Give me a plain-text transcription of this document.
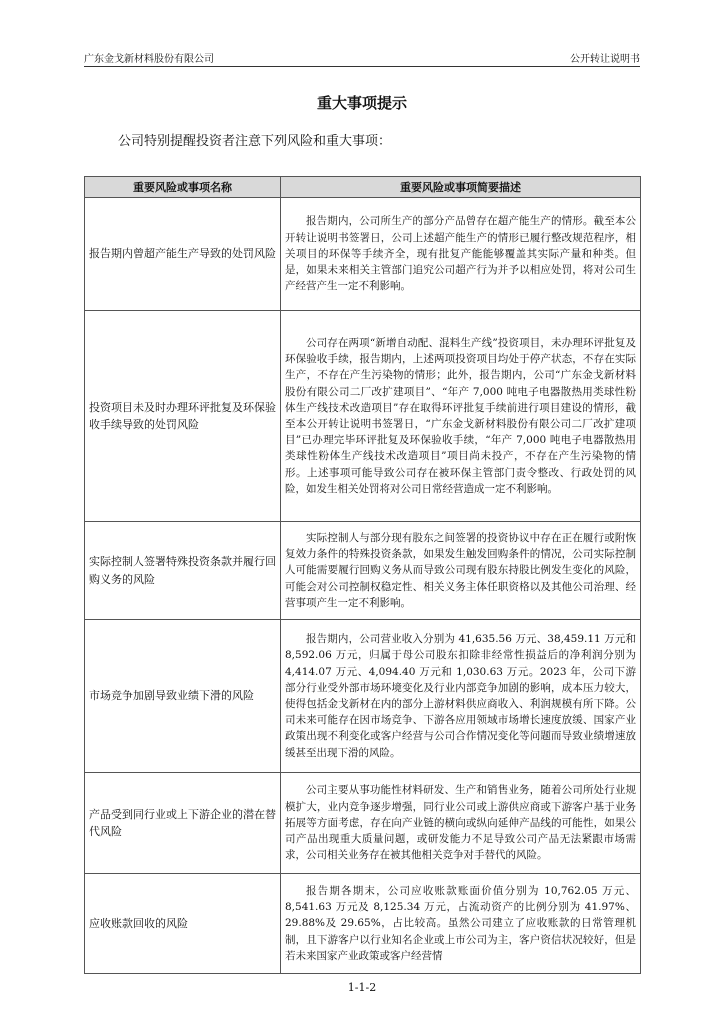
广东金戈新材料股份有限公司	公开转让说明书
重大事项提示
公司特别提醒投资者注意下列风险和重大事项：
重要风险或事项名称	重要风险或事项简要描述
报告期内曾超产能生产导致的处罚风险	报告期内，公司所生产的部分产品曾存在超产能生产的情形。截至本公开转让说明书签署日，公司上述超产能生产的情形已履行整改规范程序，相关项目的环保等手续齐全，现有批复产能能够覆盖其实际产量和种类。但是，如果未来相关主管部门追究公司超产行为并予以相应处罚，将对公司生产经营产生一定不利影响。
投资项目未及时办理环评批复及环保验收手续导致的处罚风险	公司存在两项“新增自动配、混料生产线”投资项目，未办理环评批复及环保验收手续，报告期内，上述两项投资项目均处于停产状态，不存在实际生产，不存在产生污染物的情形；此外，报告期内，公司“广东金戈新材料股份有限公司二厂改扩建项目”、“年产 7,000 吨电子电器散热用类球性粉体生产线技术改造项目”存在取得环评批复手续前进行项目建设的情形，截至本公开转让说明书签署日，“广东金戈新材料股份有限公司二厂改扩建项目”已办理完毕环评批复及环保验收手续，“年产 7,000 吨电子电器散热用类球性粉体生产线技术改造项目”项目尚未投产，不存在产生污染物的情形。上述事项可能导致公司存在被环保主管部门责令整改、行政处罚的风险，如发生相关处罚将对公司日常经营造成一定不利影响。
实际控制人签署特殊投资条款并履行回购义务的风险	实际控制人与部分现有股东之间签署的投资协议中存在正在履行或附恢复效力条件的特殊投资条款，如果发生触发回购条件的情况，公司实际控制人可能需要履行回购义务从而导致公司现有股东持股比例发生变化的风险，可能会对公司控制权稳定性、相关义务主体任职资格以及其他公司治理、经营事项产生一定不利影响。
市场竞争加剧导致业绩下滑的风险	报告期内，公司营业收入分别为 41,635.56 万元、38,459.11 万元和 8,592.06 万元，归属于母公司股东扣除非经常性损益后的净利润分别为 4,414.07 万元、4,094.40 万元和 1,030.63 万元。2023 年，公司下游部分行业受外部市场环境变化及行业内部竞争加剧的影响，成本压力较大，使得包括金戈新材在内的部分上游材料供应商收入、利润规模有所下降。公司未来可能存在因市场竞争、下游各应用领域市场增长速度放缓、国家产业政策出现不利变化或客户经营与公司合作情况变化等问题而导致业绩增速放缓甚至出现下滑的风险。
产品受到同行业或上下游企业的潜在替代风险	公司主要从事功能性材料研发、生产和销售业务，随着公司所处行业规模扩大，业内竞争逐步增强，同行业公司或上游供应商或下游客户基于业务拓展等方面考虑，存在向产业链的横向或纵向延伸产品线的可能性，如果公司产品出现重大质量问题，或研发能力不足导致公司产品无法紧跟市场需求，公司相关业务存在被其他相关竞争对手替代的风险。
应收账款回收的风险	报告期各期末，公司应收账款账面价值分别为 10,762.05 万元、8,541.63 万元及 8,125.34 万元，占流动资产的比例分别为 41.97%、29.88%及 29.65%，占比较高。虽然公司建立了应收账款的日常管理机制，且下游客户以行业知名企业或上市公司为主，客户资信状况较好，但是若未来国家产业政策或客户经营情
1-1-2
